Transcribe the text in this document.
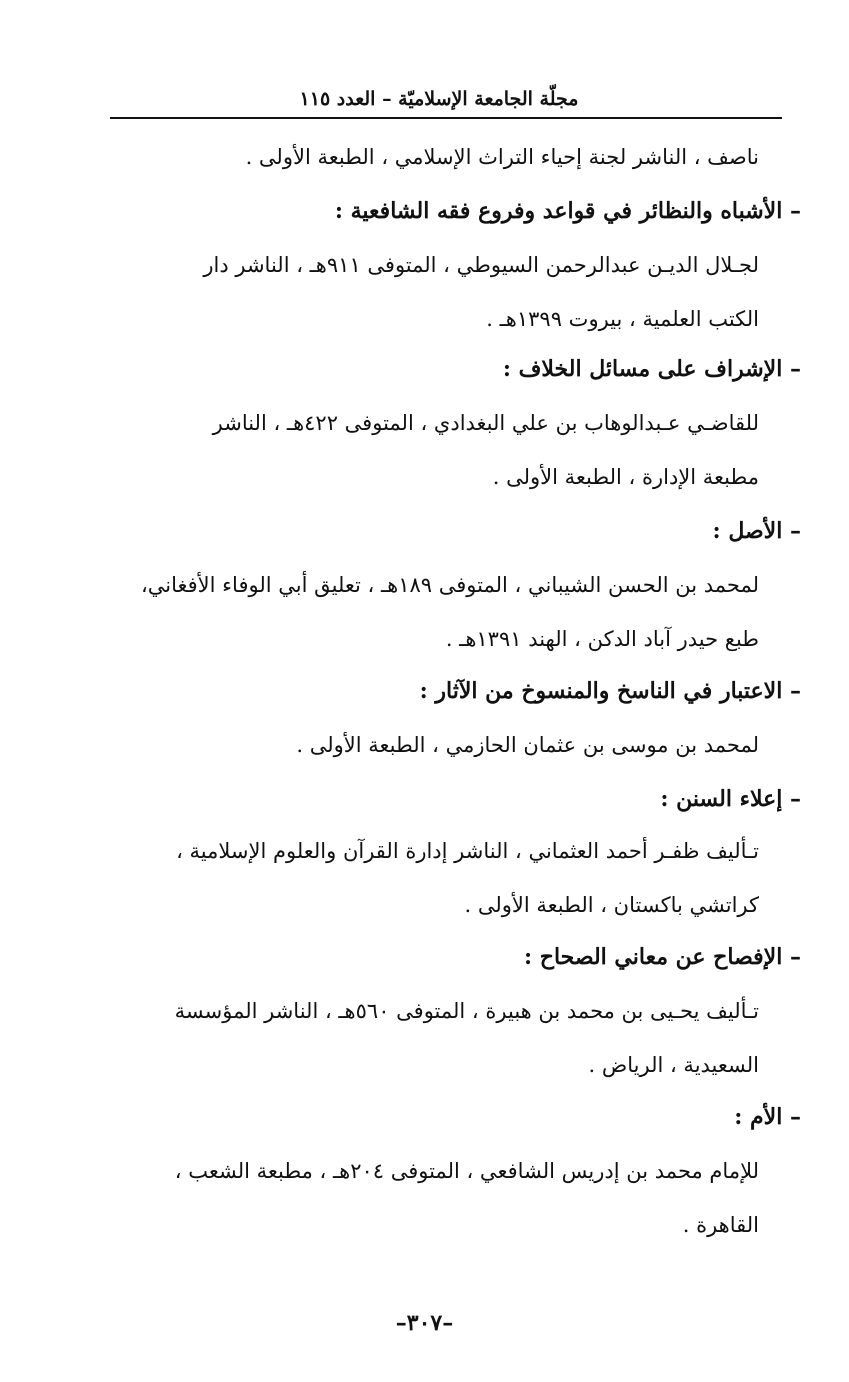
مجلّة الجامعة الإسلاميّة – العدد ١١٥
ناصف ، الناشر لجنة إحياء التراث الإسلامي ، الطبعة الأولى .
– الأشباه والنظائر في قواعد وفروع فقه الشافعية :
لجـلال الديـن عبدالرحمن السيوطي ، المتوفى ٩١١هـ ، الناشر دار
الكتب العلمية ، بيروت ١٣٩٩هـ .
– الإشراف على مسائل الخلاف :
للقاضـي عـبدالوهاب بن علي البغدادي ، المتوفى ٤٢٢هـ ، الناشر
مطبعة الإدارة ، الطبعة الأولى .
– الأصل :
لمحمد بن الحسن الشيباني ، المتوفى ١٨٩هـ ، تعليق أبي الوفاء الأفغاني،
طبع حيدر آباد الدكن ، الهند ١٣٩١هـ .
– الاعتبار في الناسخ والمنسوخ من الآثار :
لمحمد بن موسى بن عثمان الحازمي ، الطبعة الأولى .
– إعلاء السنن :
تـأليف ظفـر أحمد العثماني ، الناشر إدارة القرآن والعلوم الإسلامية ،
كراتشي باكستان ، الطبعة الأولى .
– الإفصاح عن معاني الصحاح :
تـأليف يحـيى بن محمد بن هبيرة ، المتوفى ٥٦٠هـ ، الناشر المؤسسة
السعيدية ، الرياض .
– الأم :
للإمام محمد بن إدريس الشافعي ، المتوفى ٢٠٤هـ ، مطبعة الشعب ،
القاهرة .
–٣٠٧–
